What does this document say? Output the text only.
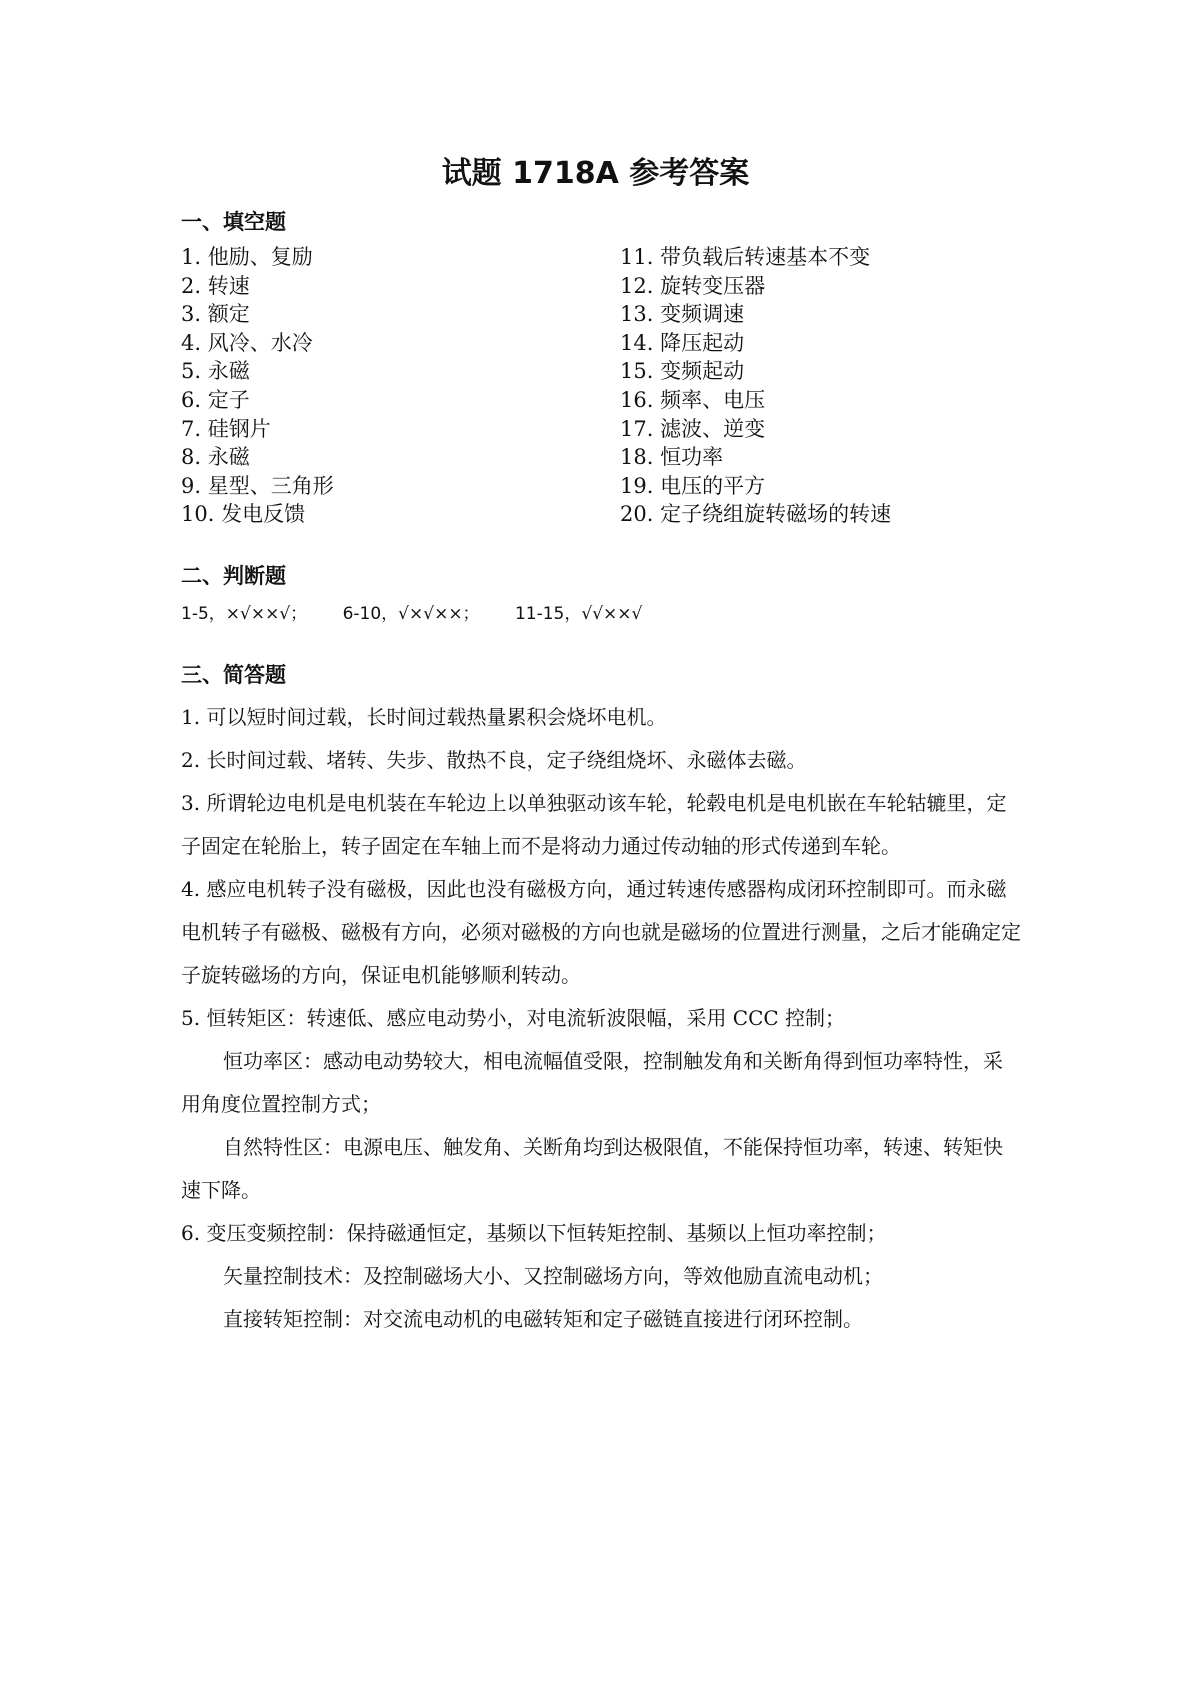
试题 1718A 参考答案
一、填空题
1. 他励、复励
2. 转速
3. 额定
4. 风冷、水冷
5. 永磁
6. 定子
7. 硅钢片
8. 永磁
9. 星型、三角形
10. 发电反馈
11. 带负载后转速基本不变
12. 旋转变压器
13. 变频调速
14. 降压起动
15. 变频起动
16. 频率、电压
17. 滤波、逆变
18. 恒功率
19. 电压的平方
20. 定子绕组旋转磁场的转速
二、判断题
1-5，×√××√； 6-10，√×√××； 11-15，√√××√
三、简答题

1. 可以短时间过载，长时间过载热量累积会烧坏电机。

2. 长时间过载、堵转、失步、散热不良，定子绕组烧坏、永磁体去磁。

3. 所谓轮边电机是电机装在车轮边上以单独驱动该车轮，轮毂电机是电机嵌在车轮轱辘里，定子固定在轮胎上，转子固定在车轴上而不是将动力通过传动轴的形式传递到车轮。

4. 感应电机转子没有磁极，因此也没有磁极方向，通过转速传感器构成闭环控制即可。而永磁电机转子有磁极、磁极有方向，必须对磁极的方向也就是磁场的位置进行测量，之后才能确定定子旋转磁场的方向，保证电机能够顺利转动。

5. 恒转矩区：转速低、感应电动势小，对电流斩波限幅，采用 CCC 控制；

恒功率区：感动电动势较大，相电流幅值受限，控制触发角和关断角得到恒功率特性，采用角度位置控制方式；

自然特性区：电源电压、触发角、关断角均到达极限值，不能保持恒功率，转速、转矩快速下降。

6. 变压变频控制：保持磁通恒定，基频以下恒转矩控制、基频以上恒功率控制；

矢量控制技术：及控制磁场大小、又控制磁场方向，等效他励直流电动机；

直接转矩控制：对交流电动机的电磁转矩和定子磁链直接进行闭环控制。
